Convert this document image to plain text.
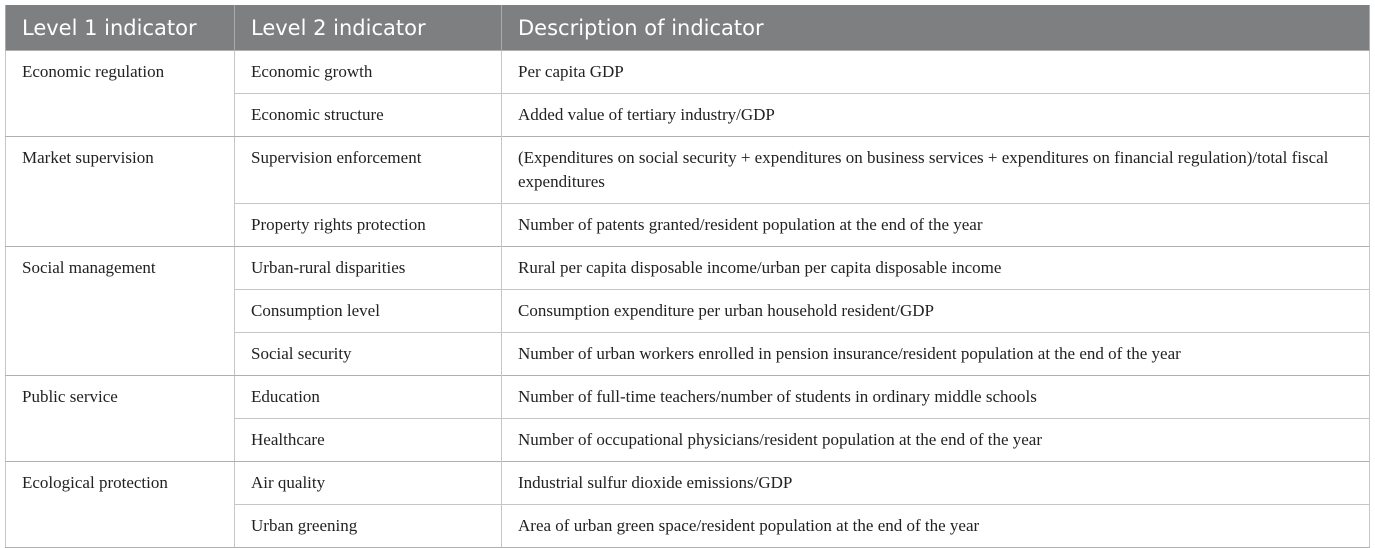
Level 1 indicator	Level 2 indicator	Description of indicator
Economic regulation	Economic growth	Per capita GDP
	Economic structure	Added value of tertiary industry/GDP
Market supervision	Supervision enforcement	(Expenditures on social security + expenditures on business services + expenditures on financial regulation)/total fiscal expenditures
	Property rights protection	Number of patents granted/resident population at the end of the year
Social management	Urban-rural disparities	Rural per capita disposable income/urban per capita disposable income
	Consumption level	Consumption expenditure per urban household resident/GDP
	Social security	Number of urban workers enrolled in pension insurance/resident population at the end of the year
Public service	Education	Number of full-time teachers/number of students in ordinary middle schools
	Healthcare	Number of occupational physicians/resident population at the end of the year
Ecological protection	Air quality	Industrial sulfur dioxide emissions/GDP
	Urban greening	Area of urban green space/resident population at the end of the year
